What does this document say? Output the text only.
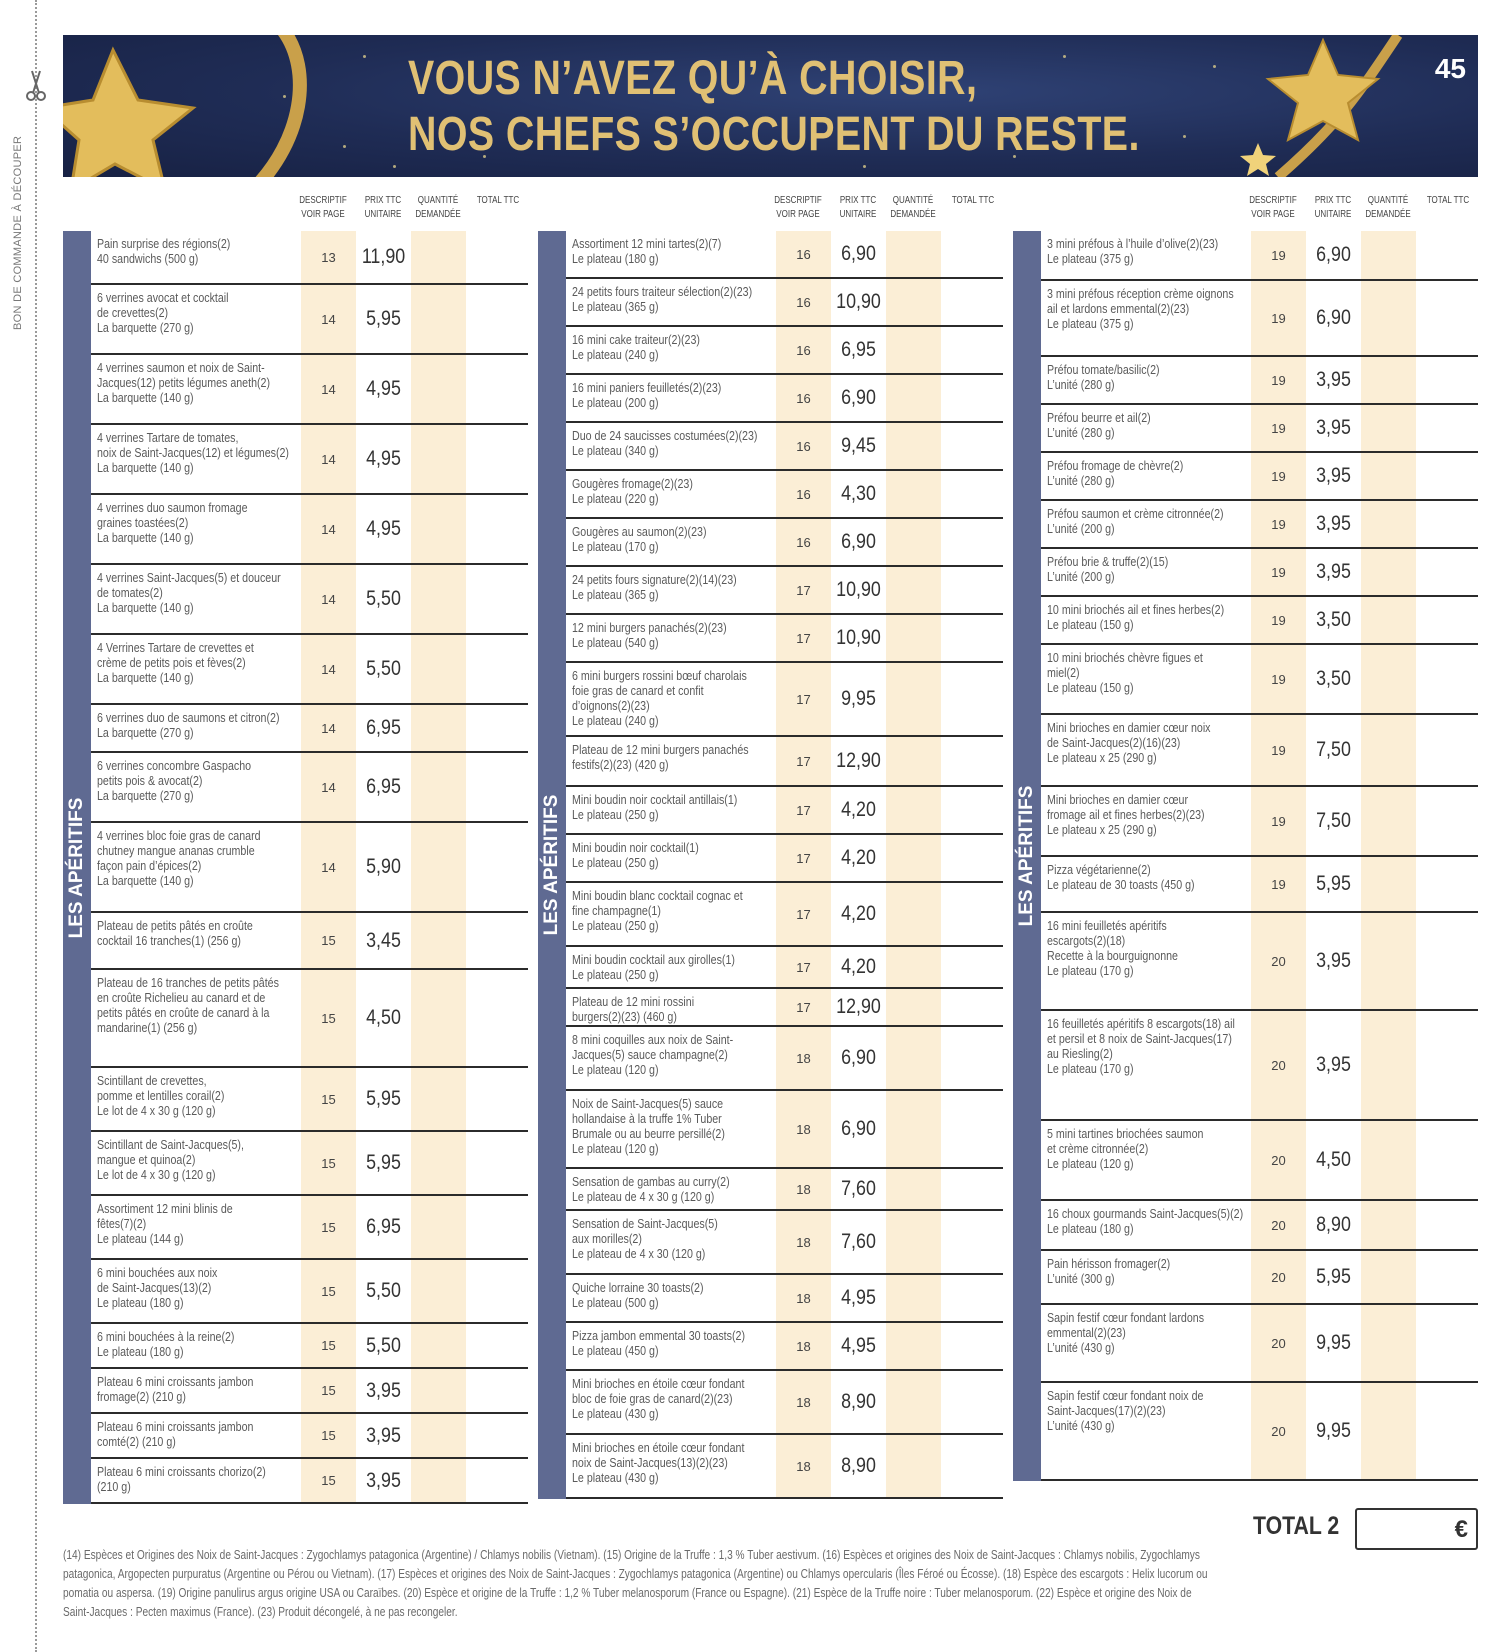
BON DE COMMANDE À DÉCOUPER
VOUS N’AVEZ QU’À CHOISIR,
NOS CHEFS S’OCCUPENT DU RESTE.
45
DESCRIPTIF VOIR PAGE
PRIX TTC UNITAIRE
QUANTITÉ DEMANDÉE
TOTAL TTC
LES APÉRITIFS
Pain surprise des régions(2)
40 sandwichs (500 g)	13	11,90
6 verrines avocat et cocktail
de crevettes(2)
La barquette (270 g)
14	5,95
4 verrines saumon et noix de Saint-
Jacques(12) petits légumes aneth(2)
La barquette (140 g)
14	4,95
4 verrines Tartare de tomates,
noix de Saint-Jacques(12) et légumes(2)
La barquette (140 g)
14	4,95
4 verrines duo saumon fromage
graines toastées(2)
La barquette (140 g)
14	4,95
4 verrines Saint-Jacques(5) et douceur
de tomates(2)
La barquette (140 g)
14	5,50
4 Verrines Tartare de crevettes et
crème de petits pois et fèves(2)
La barquette (140 g)
14	5,50
6 verrines duo de saumons et citron(2)
La barquette (270 g)	14	6,95
6 verrines concombre Gaspacho
petits pois & avocat(2)
La barquette (270 g)
14	6,95
4 verrines bloc foie gras de canard
chutney mangue ananas crumble
façon pain d’épices(2)
La barquette (140 g)
14	5,90
Plateau de petits pâtés en croûte
cocktail 16 tranches(1) (256 g)	15	3,45
Plateau de 16 tranches de petits pâtés
en croûte Richelieu au canard et de
petits pâtés en croûte de canard à la
mandarine(1) (256 g)
15	4,50
Scintillant de crevettes,
pomme et lentilles corail(2)
Le lot de 4 x 30 g (120 g)
15	5,95
Scintillant de Saint-Jacques(5),
mangue et quinoa(2)
Le lot de 4 x 30 g (120 g)
15	5,95
Assortiment 12 mini blinis de
fêtes(7)(2)
Le plateau (144 g)
15	6,95
6 mini bouchées aux noix
de Saint-Jacques(13)(2)
Le plateau (180 g)
15	5,50
6 mini bouchées à la reine(2)
Le plateau (180 g)	15	5,50
Plateau 6 mini croissants jambon
fromage(2) (210 g)	15	3,95
Plateau 6 mini croissants jambon
comté(2) (210 g)	15	3,95
Plateau 6 mini croissants chorizo(2)
(210 g)	15	3,95
DESCRIPTIF VOIR PAGE
PRIX TTC UNITAIRE
QUANTITÉ DEMANDÉE
TOTAL TTC
LES APÉRITIFS
Assortiment 12 mini tartes(2)(7)
Le plateau (180 g)	16	6,90
24 petits fours traiteur sélection(2)(23)
Le plateau (365 g)	16	10,90
16 mini cake traiteur(2)(23)
Le plateau (240 g)	16	6,95
16 mini paniers feuilletés(2)(23)
Le plateau (200 g)	16	6,90
Duo de 24 saucisses costumées(2)(23)
Le plateau (340 g)	16	9,45
Gougères fromage(2)(23)
Le plateau (220 g)	16	4,30
Gougères au saumon(2)(23)
Le plateau (170 g)	16	6,90
24 petits fours signature(2)(14)(23)
Le plateau (365 g)	17	10,90
12 mini burgers panachés(2)(23)
Le plateau (540 g)	17	10,90
6 mini burgers rossini bœuf charolais
foie gras de canard et confit
d’oignons(2)(23)
Le plateau (240 g)
17	9,95
Plateau de 12 mini burgers panachés
festifs(2)(23) (420 g)	17	12,90
Mini boudin noir cocktail antillais(1)
Le plateau (250 g)	17	4,20
Mini boudin noir cocktail(1)
Le plateau (250 g)	17	4,20
Mini boudin blanc cocktail cognac et
fine champagne(1)
Le plateau (250 g)
17	4,20
Mini boudin cocktail aux girolles(1)
Le plateau (250 g)	17	4,20
Plateau de 12 mini rossini
burgers(2)(23) (460 g)
17	12,90
8 mini coquilles aux noix de Saint-
Jacques(5) sauce champagne(2)
Le plateau (120 g)
18	6,90
Noix de Saint-Jacques(5) sauce
hollandaise à la truffe 1% Tuber
Brumale ou au beurre persillé(2)
Le plateau (120 g)
18	6,90
Sensation de gambas au curry(2)
Le plateau de 4 x 30 g (120 g)	18	7,60
Sensation de Saint-Jacques(5)
aux morilles(2)
Le plateau de 4 x 30 (120 g)
18	7,60
Quiche lorraine 30 toasts(2)
Le plateau (500 g)	18	4,95
Pizza jambon emmental 30 toasts(2)
Le plateau (450 g)	18	4,95
Mini brioches en étoile cœur fondant
bloc de foie gras de canard(2)(23)
Le plateau (430 g)
18	8,90
Mini brioches en étoile cœur fondant
noix de Saint-Jacques(13)(2)(23)
Le plateau (430 g)
18	8,90
DESCRIPTIF VOIR PAGE
PRIX TTC UNITAIRE
QUANTITÉ DEMANDÉE
TOTAL TTC
LES APÉRITIFS
3 mini préfous à l’huile d’olive(2)(23)
Le plateau (375 g)	19	6,90
3 mini préfous réception crème oignons
ail et lardons emmental(2)(23)
Le plateau (375 g)	19	6,90
Préfou tomate/basilic(2)
L’unité (280 g)	19	3,95
Préfou beurre et ail(2)
L’unité (280 g)	19	3,95
Préfou fromage de chèvre(2)
L’unité (280 g)	19	3,95
Préfou saumon et crème citronnée(2)
L’unité (200 g)	19	3,95
Préfou brie & truffe(2)(15)
L’unité (200 g)	19	3,95
10 mini briochés ail et fines herbes(2)
Le plateau (150 g)	19	3,50
10 mini briochés chèvre figues et
miel(2)
Le plateau (150 g)
19	3,50
Mini brioches en damier cœur noix
de Saint-Jacques(2)(16)(23)
Le plateau x 25 (290 g)	19	7,50
Mini brioches en damier cœur
fromage ail et fines herbes(2)(23)
Le plateau x 25 (290 g)
19	7,50
Pizza végétarienne(2)
Le plateau de 30 toasts (450 g)	19	5,95
16 mini feuilletés apéritifs
escargots(2)(18)
Recette à la bourguignonne
Le plateau (170 g)
20	3,95
16 feuilletés apéritifs 8 escargots(18) ail
et persil et 8 noix de Saint-Jacques(17)
au Riesling(2)
Le plateau (170 g)	20	3,95
5 mini tartines briochées saumon
et crème citronnée(2)
Le plateau (120 g)	20	4,50
16 choux gourmands Saint-Jacques(5)(2)
Le plateau (180 g)	20	8,90
Pain hérisson fromager(2)
L’unité (300 g)	20	5,95
Sapin festif cœur fondant lardons
emmental(2)(23)
L’unité (430 g)	20	9,95
Sapin festif cœur fondant noix de
Saint-Jacques(17)(2)(23)
L’unité (430 g)	20	9,95
TOTAL 2	€
(14) Espèces et Origines des Noix de Saint-Jacques : Zygochlamys patagonica (Argentine) / Chlamys nobilis (Vietnam). (15) Origine de la Truffe : 1,3 % Tuber aestivum. (16) Espèces et origines des Noix de Saint-Jacques : Chlamys nobilis, Zygochlamys patagonica, Argopecten purpuratus (Argentine ou Pérou ou Vietnam). (17) Espèces et origines des Noix de Saint-Jacques : Zygochlamys patagonica (Argentine) ou Chlamys opercularis (Îles Féroé ou Écosse). (18) Espèce des escargots : Helix lucorum ou pomatia ou aspersa. (19) Origine panulirus argus origine USA ou Caraïbes. (20) Espèce et origine de la Truffe : 1,2 % Tuber melanosporum (France ou Espagne). (21) Espèce de la Truffe noire : Tuber melanosporum. (22) Espèce et origine des Noix de Saint-Jacques : Pecten maximus (France). (23) Produit décongelé, à ne pas recongeler.
